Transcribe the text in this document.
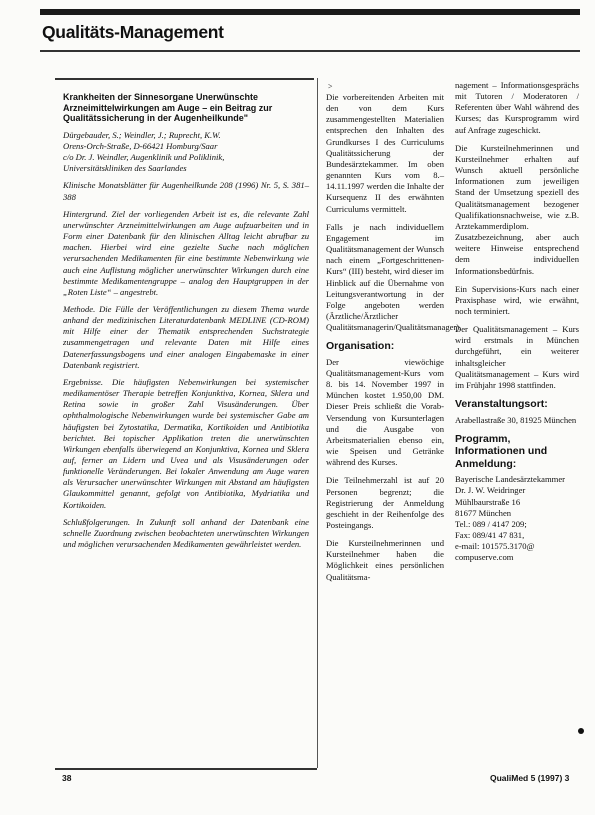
Qualitäts-Management
>
Krankheiten der Sinnesorgane Unerwünschte Arzneimittelwirkungen am Auge – ein Beitrag zur Qualitätssicherung in der Augenheilkunde"

Dürgebauder, S.; Weindler, J.; Ruprecht, K.W.

Orens-Orch-Straße, D-66421 Homburg/Saar

c/o Dr. J. Weindler, Augenklinik und Poliklinik,

Universitätskliniken des Saarlandes

Klinische Monatsblätter für Augenheilkunde 208 (1996) Nr. 5, S. 381–388

Hintergrund. Ziel der vorliegenden Arbeit ist es, die relevante Zahl unerwünschter Arzneimittelwirkungen am Auge aufzuarbeiten und in Form einer Datenbank für den klinischen Alltag leicht abrufbar zu machen. Hierbei wird eine gezielte Suche nach möglichen verursachenden Medikamenten für eine bestimmte Nebenwirkung wie auch eine Auflistung möglicher unerwünschter Wirkungen durch eine bestimmte Medikamentengruppe – analog den Hauptgruppen in der „Roten Liste“ – angestrebt.

Methode. Die Fülle der Veröffentlichungen zu diesem Thema wurde anhand der medizinischen Literaturdatenbank MEDLINE (CD-ROM) mit Hilfe einer der Thematik entsprechenden Suchstrategie zusammengetragen und relevante Daten mit Hilfe eines Datenerfassungsbogens und einer analogen Eingabemaske in einer Datenbank registriert.

Ergebnisse. Die häufigsten Nebenwirkungen bei systemischer medikamentöser Therapie betreffen Konjunktiva, Kornea, Sklera und Retina sowie in großer Zahl Visusänderungen. Über ophthalmologische Nebenwirkungen wurde bei systemischer Gabe am häufigsten bei Zytostatika, Dermatika, Kortikoiden und Antibiotika berichtet. Bei topischer Applikation treten die unerwünschten Wirkungen ebenfalls überwiegend an Konjunktiva, Kornea und Sklera auf, ferner an Lidern und Uvea und als Visusänderungen oder funktionelle Veränderungen. Bei lokaler Anwendung am Auge waren als Verursacher unerwünschter Wirkungen mit Abstand am häufigsten Glaukommittel genannt, gefolgt von Antibiotika, Mydriatika und Kortikoiden.

Schlußfolgerungen. In Zukunft soll anhand der Datenbank eine schnelle Zuordnung zwischen beobachteten unerwünschten Wirkungen und möglichen verursachenden Medikamenten gewährleistet werden.

Die vorbereitenden Arbeiten mit den von dem Kurs zusammengestellten Materialien entsprechen den Inhalten des Grundkurses I des Curriculums Qualitätssicherung der Bundesärztekammer. Im oben genannten Kurs vom 8.–14.11.1997 werden die Inhalte der Kursequenz II des erwähnten Curriculums vermittelt.

Falls je nach individuellem Engagement im Qualitätsmanagement der Wunsch nach einem „Fortgeschrittenen-Kurs“ (III) besteht, wird dieser im Hinblick auf die Übernahme von Leitungsverantwortung in der Folge angeboten werden (Ärztliche/Ärztlicher Qualitätsmanagerin/Qualitätsmanager).

Organisation:

Der viewöchige Qualitätsmanagement-Kurs vom 8. bis 14. November 1997 in München kostet 1.950,00 DM. Dieser Preis schließt die Vorab-Versendung von Kursunterlagen und die Ausgabe von Arbeitsmaterialien ebenso ein, wie Speisen und Getränke während des Kurses.

Die Teilnehmerzahl ist auf 20 Personen begrenzt; die Registrierung der Anmeldung geschieht in der Reihenfolge des Posteingangs.

Die Kursteilnehmerinnen und Kursteilnehmer haben die Möglichkeit eines persönlichen Qualitätsma-

nagement – Informationsgesprächs mit Tutoren / Moderatoren / Referenten über Wahl während des Kurses; das Kursprogramm wird auf Anfrage zugeschickt.

Die Kursteilnehmerinnen und Kursteilnehmer erhalten auf Wunsch aktuell persönliche Informationen zum jeweiligen Stand der Umsetzung speziell des Qualitätsmanagement bezogener Qualifikationsnachweise, wie z.B. Arztekammerdiplom. Zusatzbezeichnung, aber auch weitere Hinweise entsprechend dem individuellen Informationsbedürfnis.

Ein Supervisions-Kurs nach einer Praxisphase wird, wie erwähnt, noch terminiert.

Der Qualitätsmanagement – Kurs wird erstmals in München durchgeführt, ein weiterer inhaltsgleicher Qualitätsmanagement – Kurs wird im Frühjahr 1998 stattfinden.

Veranstaltungsort:

Arabellastraße 30, 81925 München

Programm, Informationen und Anmeldung:

Bayerische Landesärztekammer

Dr. J. W. Weidringer

Mühlbaurstraße 16

81677 München

Tel.: 089 / 4147 209;

Fax: 089/41 47 831,

e-mail: 101575.3170@

compuserve.com

38	QualiMed 5 (1997) 3
